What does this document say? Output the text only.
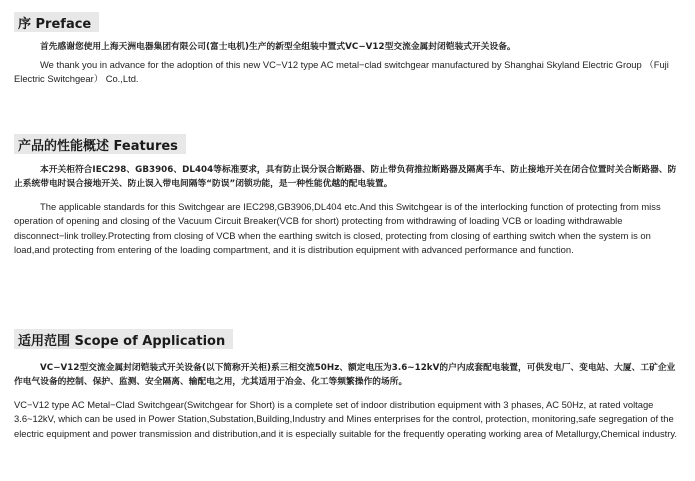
序 Preface

首先感谢您使用上海天洲电器集团有限公司(富士电机)生产的新型全组装中置式VC−V12型交流金属封闭铠装式开关设备。

We thank you in advance for the adoption of this new VC−V12 type AC metal−clad switchgear manufactured by Shanghai Skyland Electric Group （Fuji Electric Switchgear） Co.,Ltd.

产品的性能概述 Features

本开关柜符合IEC298、GB3906、DL404等标准要求，具有防止误分误合断路器、防止带负荷推拉断路器及隔离手车、防止接地开关在闭合位置时关合断路器、防止系统带电时误合接地开关、防止误入带电间隔等“防误”闭锁功能，是一种性能优越的配电装置。

The applicable standards for this Switchgear are IEC298,GB3906,DL404 etc.And this Switchgear is of the interlocking function of protecting from miss operation of opening and closing of the Vacuum Circuit Breaker(VCB for short) protecting from withdrawing of loading VCB or loading withdrawable disconnect−link trolley.Protecting from closing of VCB when the earthing switch is closed, protecting from closing of earthing switch when the system is on load,and protecting from entering of the loading compartment, and it is distribution equipment with advanced performance and function.

适用范围 Scope of Application

VC−V12型交流金属封闭铠装式开关设备(以下简称开关柜)系三相交流50Hz、额定电压为3.6~12kV的户内成套配电装置，可供发电厂、变电站、大厦、工矿企业作电气设备的控制、保护、监测、安全隔离、输配电之用，尤其适用于冶金、化工等频繁操作的场所。

VC−V12 type AC Metal−Clad Switchgear(Switchgear for Short) is a complete set of indoor distribution equipment with 3 phases, AC 50Hz, at rated voltage 3.6~12kV, which can be used in Power Station,Substation,Building,Industry and Mines enterprises for the control, protection, monitoring,safe segregation of the electric equipment and power transmission and distribution,and it is especially suitable for the frequently operating working area of Metallurgy,Chemical industry.
